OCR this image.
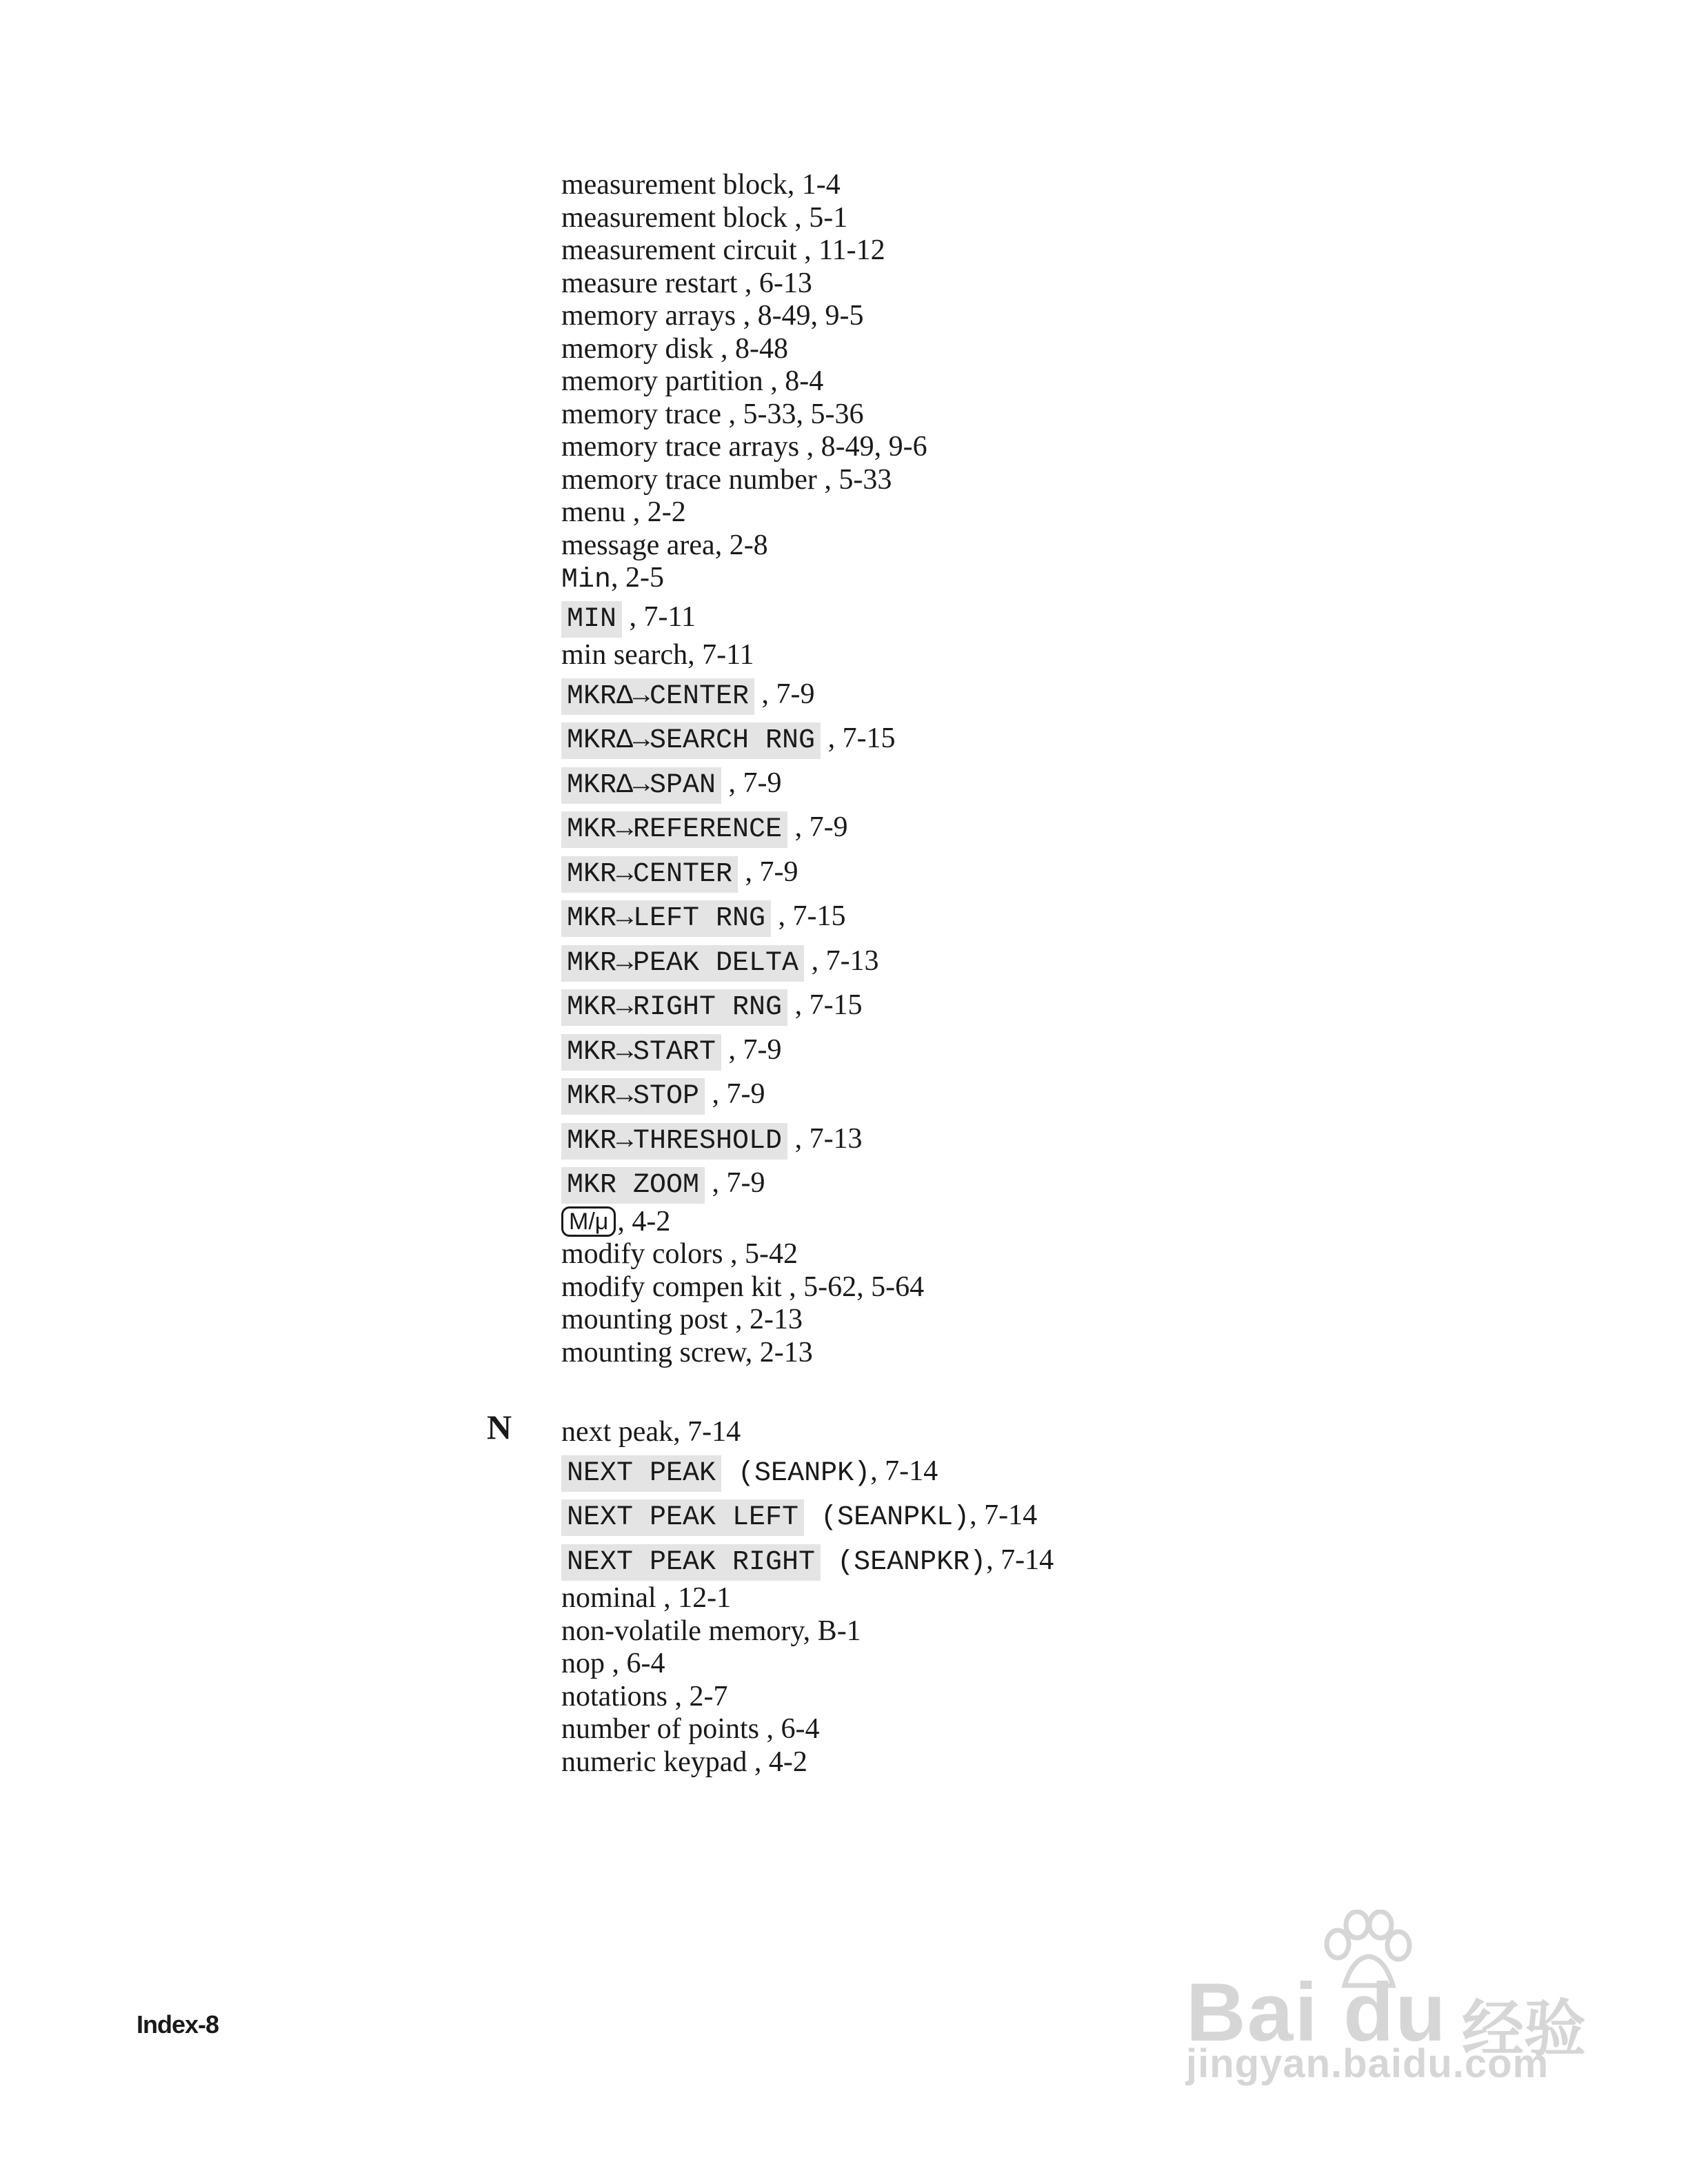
measurement block, 1-4
measurement block , 5-1
measurement circuit , 11-12
measure restart , 6-13
memory arrays , 8-49, 9-5
memory disk , 8-48
memory partition , 8-4
memory trace , 5-33, 5-36
memory trace arrays , 8-49, 9-6
memory trace number , 5-33
menu , 2-2
message area, 2-8
Min, 2-5
MIN , 7-11
min search, 7-11
MKRΔ→CENTER , 7-9
MKRΔ→SEARCH RNG , 7-15
MKRΔ→SPAN , 7-9
MKR→REFERENCE , 7-9
MKR→CENTER , 7-9
MKR→LEFT RNG , 7-15
MKR→PEAK DELTA , 7-13
MKR→RIGHT RNG , 7-15
MKR→START , 7-9
MKR→STOP , 7-9
MKR→THRESHOLD , 7-13
MKR ZOOM , 7-9
M/μ , 4-2
modify colors , 5-42
modify compen kit , 5-62, 5-64
mounting post , 2-13
mounting screw, 2-13
next peak, 7-14
NEXT PEAK (SEANPK), 7-14
NEXT PEAK LEFT (SEANPKL), 7-14
NEXT PEAK RIGHT (SEANPKR), 7-14
nominal , 12-1
non-volatile memory, B-1
nop , 6-4
notations , 2-7
number of points , 6-4
numeric keypad , 4-2
N
Index-8	Bai du 经验
jingyan.baidu.com
